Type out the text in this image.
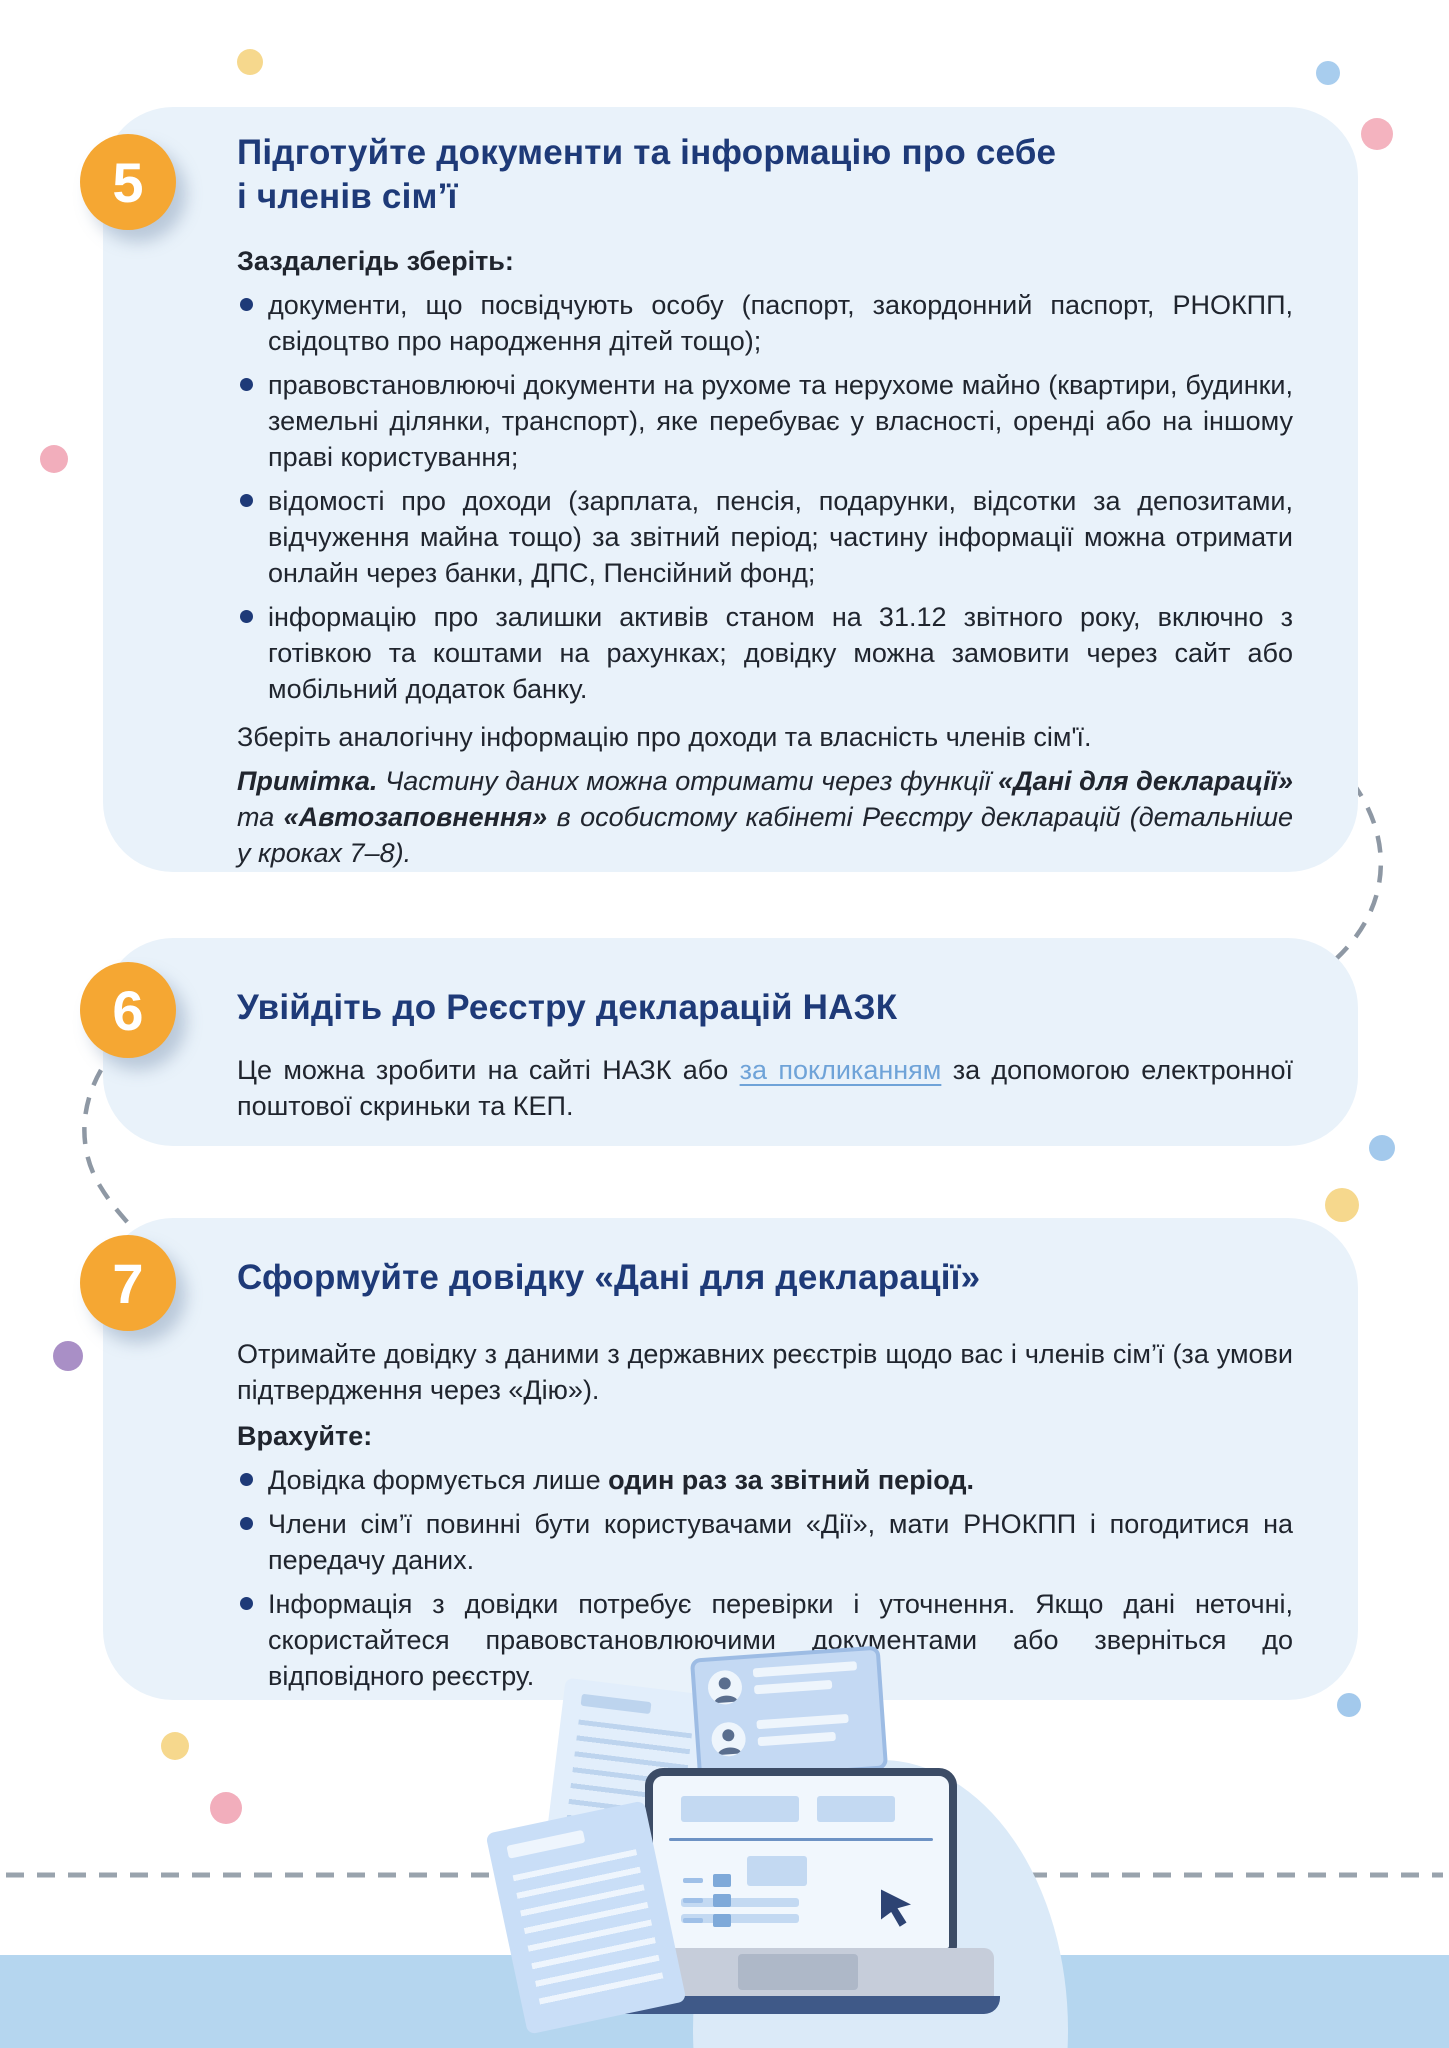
Підготуйте документи та інформацію про себе
і членів сім’ї
Заздалегідь зберіть:
документи, що посвідчують особу (паспорт, закордонний паспорт, РНОКПП, свідоцтво про народження дітей тощо);
правовстановлюючі документи на рухоме та нерухоме майно (квартири, будинки, земельні ділянки, транспорт), яке перебуває у власності, оренді або на іншому праві користування;
відомості про доходи (зарплата, пенсія, подарунки, відсотки за депозитами, відчуження майна тощо) за звітний період; частину інформації можна отримати онлайн через банки, ДПС, Пенсійний фонд;
інформацію про залишки активів станом на 31.12 звітного року, включно з готівкою та коштами на рахунках; довідку можна замовити через сайт або мобільний додаток банку.
Зберіть аналогічну інформацію про доходи та власність членів сім'ї.
Примітка. Частину даних можна отримати через функції «Дані для декларації» та «Автозаповнення» в особистому кабінеті Реєстру декларацій (детальніше у кроках 7–8).
5
Увійдіть до Реєстру декларацій НАЗК
Це можна зробити на сайті НАЗК або за покликанням за допомогою електронної поштової скриньки та КЕП.
6
Сформуйте довідку «Дані для декларації»
Отримайте довідку з даними з державних реєстрів щодо вас і членів сім’ї (за умови підтвердження через «Дію»).
Врахуйте:
Довідка формується лише один раз за звітний період.
Члени сім’ї повинні бути користувачами «Дії», мати РНОКПП і погодитися на передачу даних.
Інформація з довідки потребує перевірки і уточнення. Якщо дані неточні, скористайтеся правовстановлюючими документами або зверніться до відповідного реєстру.
7
